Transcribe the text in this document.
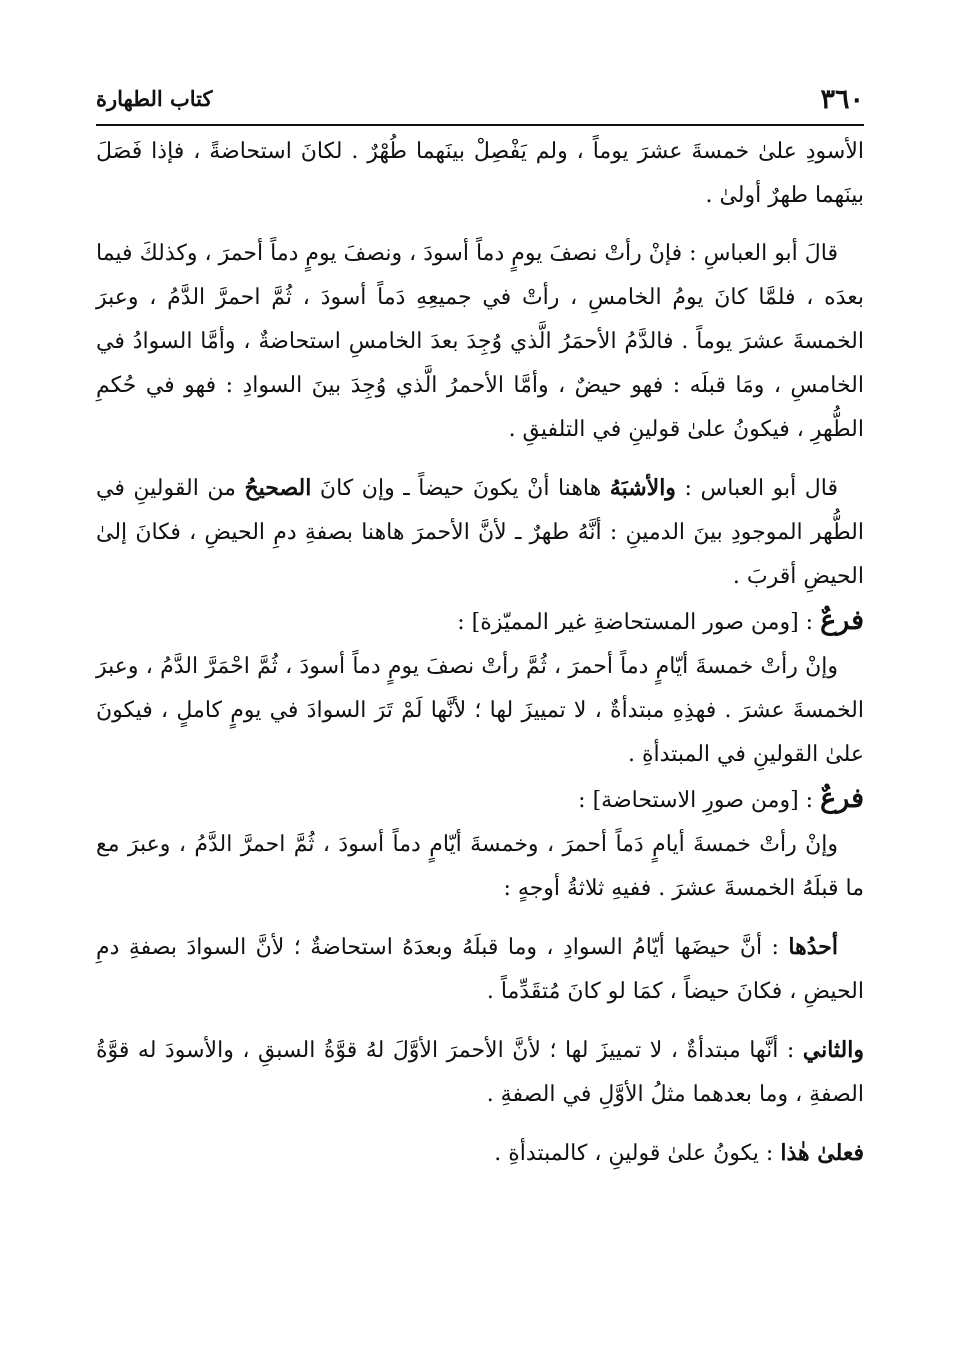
٣٦٠
كتاب الطهارة

الأسودِ علىٰ خمسةَ عشرَ يوماً ، ولم يَفْصِلْ بينَهما طُهْرٌ . لكانَ استحاضةً ، فإذا فَصَلَ بينَهما طهرٌ أولىٰ .

قالَ أبو العباسِ : فإنْ رأتْ نصفَ يومٍ دماً أسودَ ، ونصفَ يومٍ دماً أحمرَ ، وكذلكَ فيما بعدَه ، فلمَّا كانَ يومُ الخامسِ ، رأتْ في جميعِهِ دَماً أسودَ ، ثُمَّ احمرَّ الدَّمُ ، وعبرَ الخمسةَ عشرَ يوماً . فالدَّمُ الأحمَرُ الَّذي وُجِدَ بعدَ الخامسِ استحاضةٌ ، وأمَّا السوادُ في الخامسِ ، ومَا قبلَه : فهو حيضٌ ، وأمَّا الأحمرُ الَّذي وُجِدَ بينَ السوادِ : فهو في حُكمِ الطُّهرِ ، فيكونُ علىٰ قولينِ في التلفيقِ .

قال أبو العباس : والأشبَهُ هاهنا أنْ يكونَ حيضاً ـ وإن كانَ الصحيحُ من القولينِ في الطُّهر الموجودِ بينَ الدمينِ : أنَّهُ طهرٌ ـ لأنَّ الأحمرَ هاهنا بصفةِ دمِ الحيضِ ، فكانَ إلىٰ الحيضِ أقربَ .

فرعٌ : [ومن صور المستحاضةِ غير المميّزة] :

وإنْ رأتْ خمسةَ أيّامٍ دماً أحمرَ ، ثُمَّ رأتْ نصفَ يومٍ دماً أسودَ ، ثُمَّ احْمَرَّ الدَّمُ ، وعبرَ الخمسةَ عشرَ . فهذِهِ مبتدأةٌ ، لا تمييزَ لها ؛ لأنَّها لَمْ تَرَ السوادَ في يومٍ كاملٍ ، فيكونَ علىٰ القولينِ في المبتدأةِ .

فرعٌ : [ومن صورِ الاستحاضة] :

وإنْ رأتْ خمسةَ أيامٍ دَماً أحمرَ ، وخمسةَ أيّامٍ دماً أسودَ ، ثُمَّ احمرَّ الدَّمُ ، وعبرَ مع ما قبلَهُ الخمسةَ عشرَ . ففيهِ ثلاثةُ أوجهٍ :

أحدُها : أنَّ حيضَها أيّامُ السوادِ ، وما قبلَهُ وبعدَهُ استحاضةٌ ؛ لأنَّ السوادَ بصفةِ دمِ الحيضِ ، فكانَ حيضاً ، كمَا لو كانَ مُتقَدِّماً .

والثاني : أنَّها مبتدأةٌ ، لا تمييزَ لها ؛ لأنَّ الأحمرَ الأوَّلَ لهُ قوَّةُ السبقِ ، والأسودَ له قوَّةُ الصفةِ ، وما بعدهما مثلُ الأوَّلِ في الصفةِ .

فعلىٰ هٰذا : يكونُ علىٰ قولينِ ، كالمبتدأةِ .
